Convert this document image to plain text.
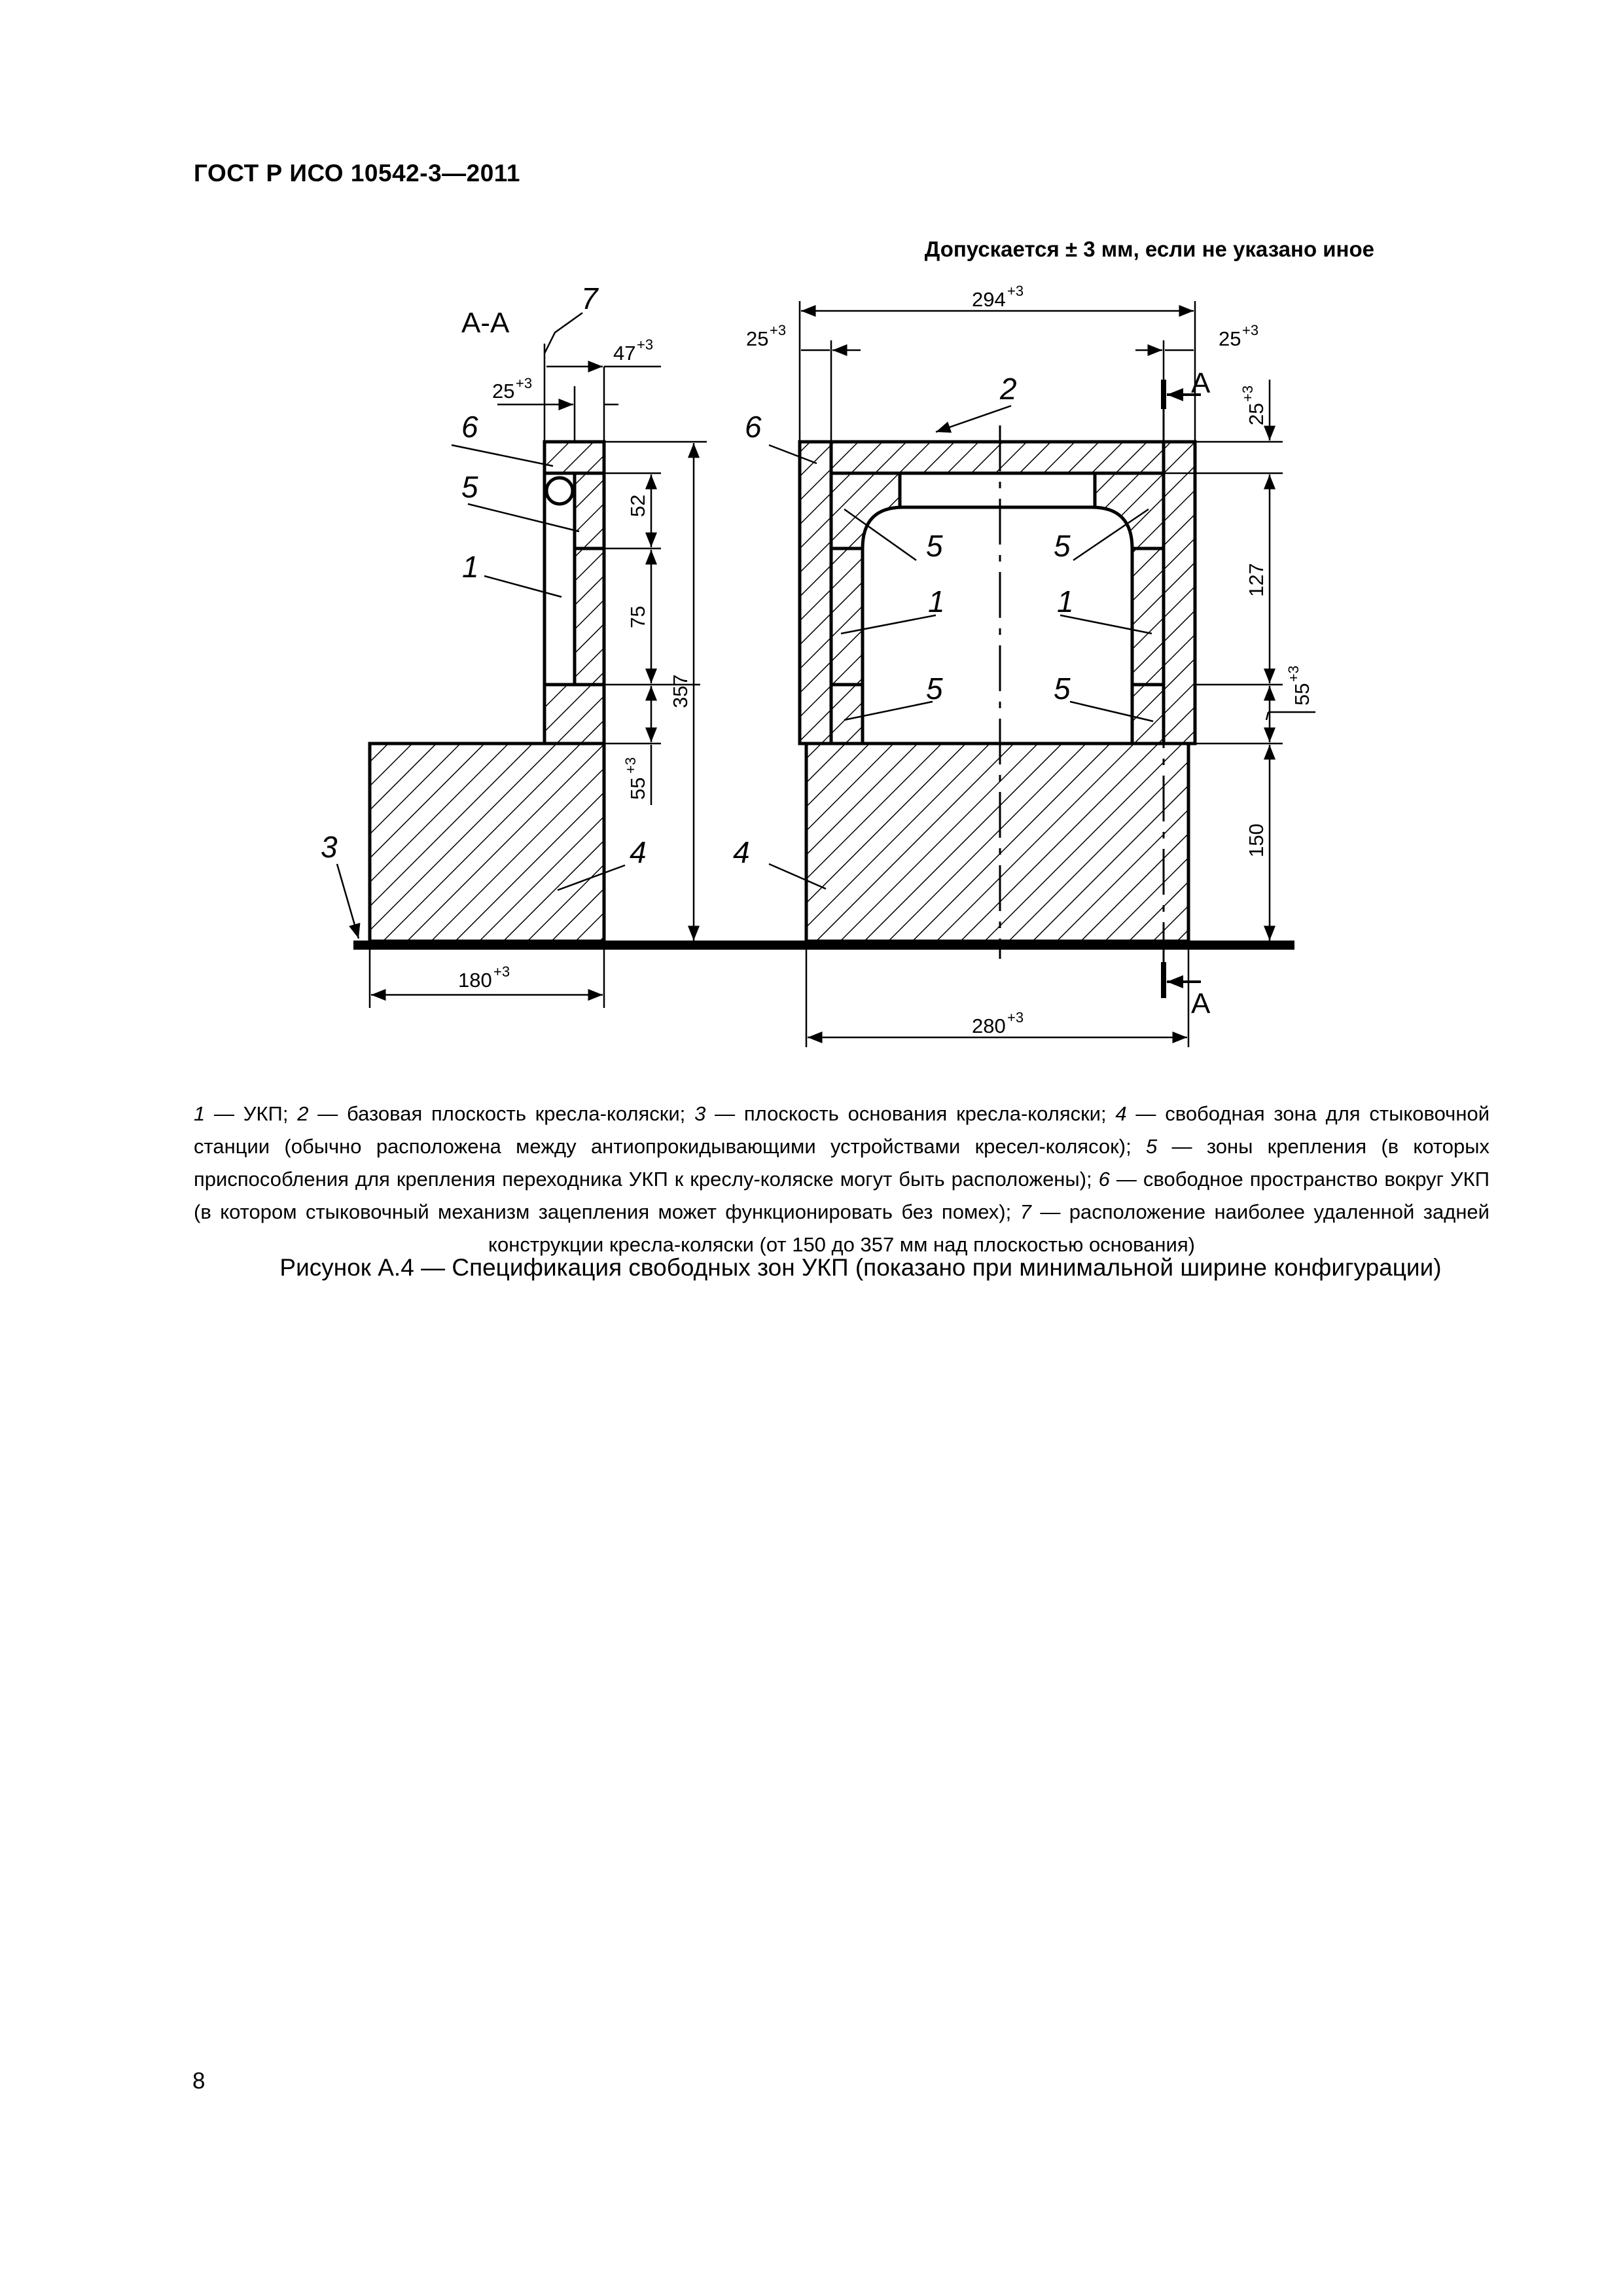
ГОСТ Р ИСО 10542-3—2011
Допускается ± 3 мм, если не указано иное
А-А
25 +3
47 +3
52
75
55
+3
357
180 +3
7
6
5
1
4
3
А
А
294 +3
25 +3	25 +3
25
+3
127
55
+3
150
280 +3
2
6
5	5
1	1
5	5
4

1 — УКП; 2 — базовая плоскость кресла-коляски; 3 — плоскость основания кресла-коляски; 4 — свободная зона для стыковочной станции (обычно расположена между антиопрокидывающими устройствами кресел-колясок); 5 — зоны крепления (в которых приспособления для крепления переходника УКП к креслу-коляске могут быть расположены); 6 — свободное пространство вокруг УКП (в котором стыковочный механизм зацепления может функционировать без помех); 7 — расположение наиболее удаленной задней конструкции кресла-коляски (от 150 до 357 мм над плоскостью основания)

Рисунок А.4 — Спецификация свободных зон УКП (показано при минимальной ширине конфигурации)
8
